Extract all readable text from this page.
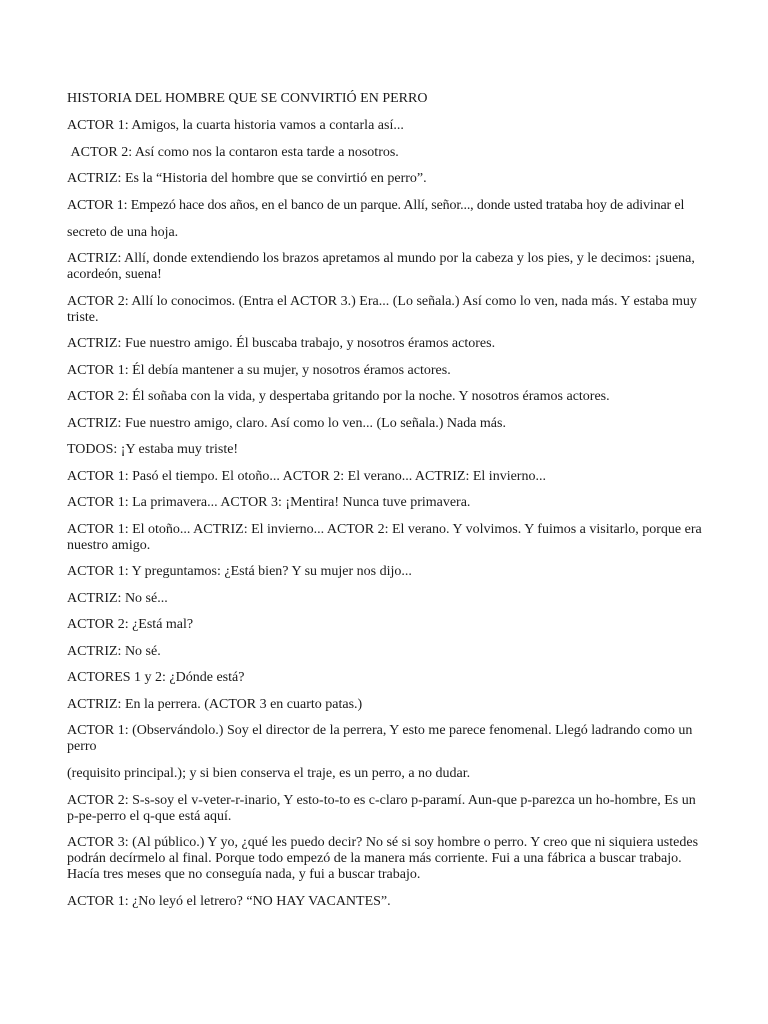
HISTORIA DEL HOMBRE QUE SE CONVIRTIÓ EN PERRO

ACTOR 1: Amigos, la cuarta historia vamos a contarla así...

ACTOR 2: Así como nos la contaron esta tarde a nosotros.

ACTRIZ: Es la “Historia del hombre que se convirtió en perro”.

ACTOR 1: Empezó hace dos años, en el banco de un parque. Allí, señor..., donde usted trataba hoy de adivinar el

secreto de una hoja.

ACTRIZ: Allí, donde extendiendo los brazos apretamos al mundo por la cabeza y los pies, y le decimos: ¡suena, acordeón, suena!

ACTOR 2: Allí lo conocimos. (Entra el ACTOR 3.) Era... (Lo señala.) Así como lo ven, nada más. Y estaba muy triste.

ACTRIZ: Fue nuestro amigo. Él buscaba trabajo, y nosotros éramos actores.

ACTOR 1: Él debía mantener a su mujer, y nosotros éramos actores.

ACTOR 2: Él soñaba con la vida, y despertaba gritando por la noche. Y nosotros éramos actores.

ACTRIZ: Fue nuestro amigo, claro. Así como lo ven... (Lo señala.) Nada más.

TODOS: ¡Y estaba muy triste!

ACTOR 1: Pasó el tiempo. El otoño... ACTOR 2: El verano... ACTRIZ: El invierno...

ACTOR 1: La primavera... ACTOR 3: ¡Mentira! Nunca tuve primavera.

ACTOR 1: El otoño... ACTRIZ: El invierno... ACTOR 2: El verano. Y volvimos. Y fuimos a visitarlo, porque era nuestro amigo.

ACTOR 1: Y preguntamos: ¿Está bien? Y su mujer nos dijo...

ACTRIZ: No sé...

ACTOR 2: ¿Está mal?

ACTRIZ: No sé.

ACTORES 1 y 2: ¿Dónde está?

ACTRIZ: En la perrera. (ACTOR 3 en cuarto patas.)

ACTOR 1: (Observándolo.) Soy el director de la perrera, Y esto me parece fenomenal. Llegó ladrando como un perro

(requisito principal.); y si bien conserva el traje, es un perro, a no dudar.

ACTOR 2: S-s-soy el v-veter-r-inario, Y esto-to-to es c-claro p-paramí. Aun-que p-parezca un ho-hombre, Es un p-pe-perro el q-que está aquí.

ACTOR 3: (Al público.) Y yo, ¿qué les puedo decir? No sé si soy hombre o perro. Y creo que ni siquiera ustedes podrán decírmelo al final. Porque todo empezó de la manera más corriente. Fui a una fábrica a buscar trabajo. Hacía tres meses que no conseguía nada, y fui a buscar trabajo.

ACTOR 1: ¿No leyó el letrero? “NO HAY VACANTES”.
